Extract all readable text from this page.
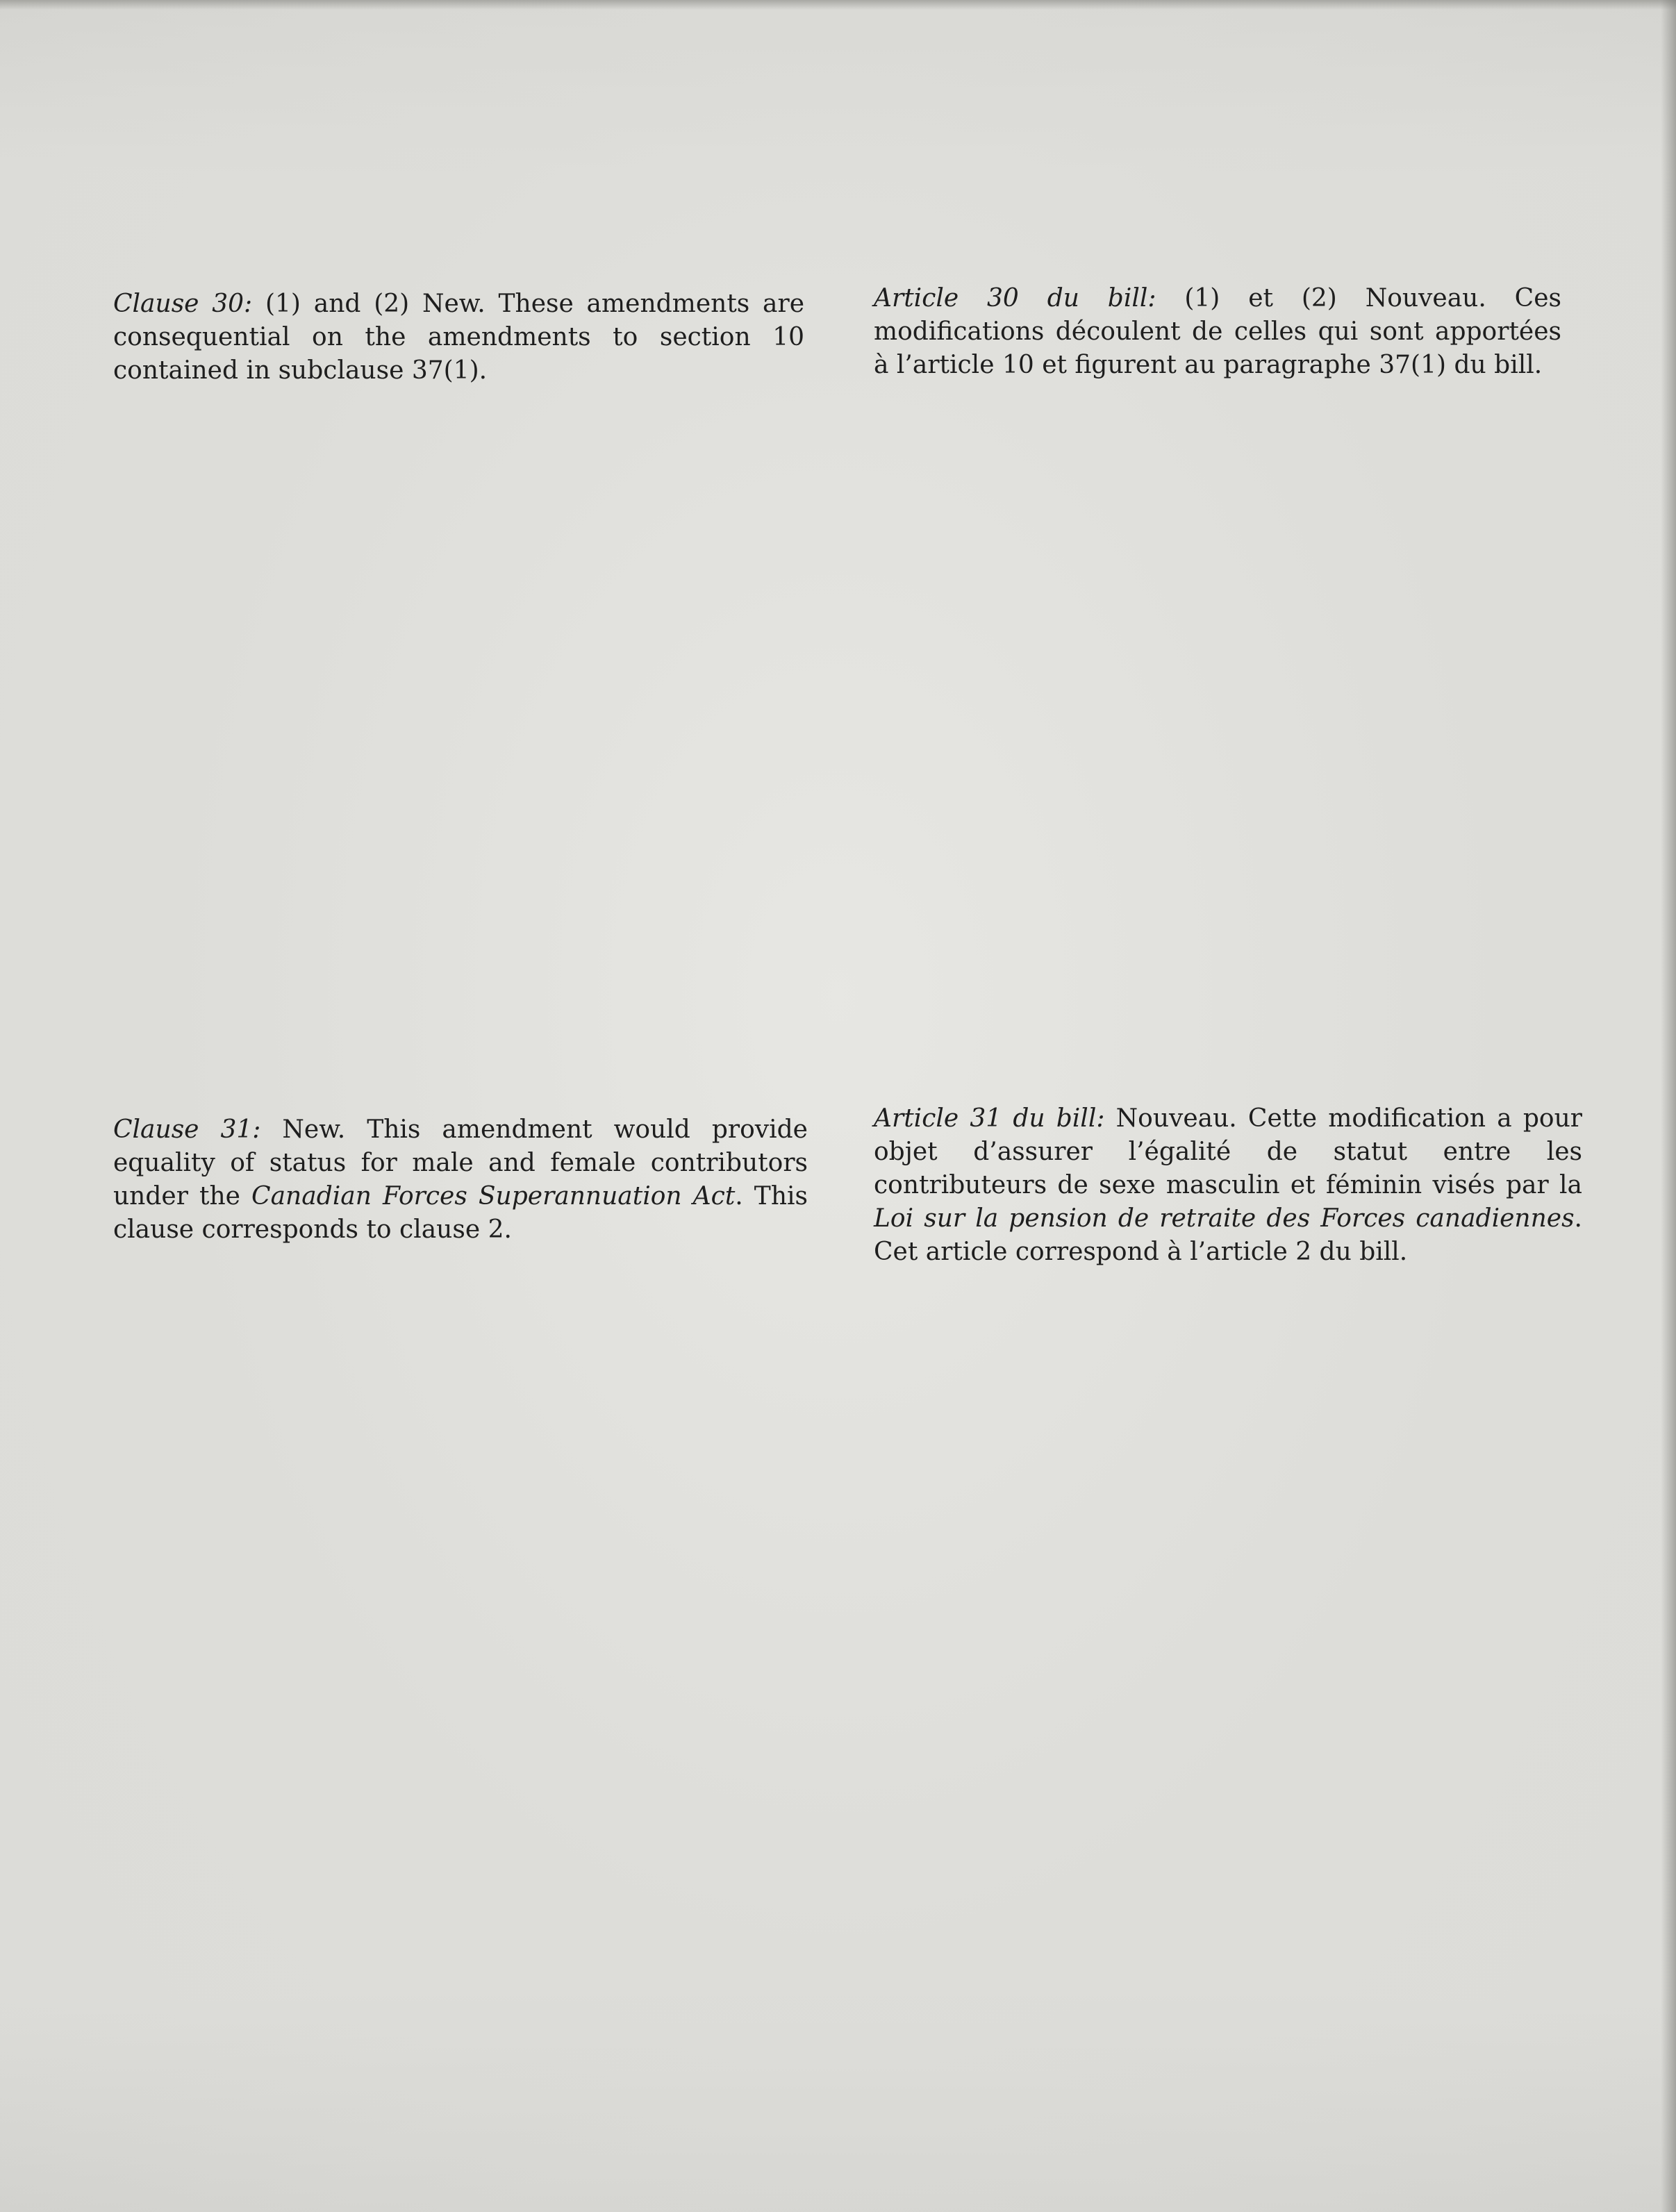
Clause 30: (1) and (2) New. These amendments are consequential on the amendments to section 10 contained in subclause 37(1).

Article 30 du bill: (1) et (2) Nouveau. Ces modifications découlent de celles qui sont apportées à l’article 10 et figurent au paragraphe 37(1) du bill.

Clause 31: New. This amendment would provide equality of status for male and female contributors under the Canadian Forces Superannuation Act. This clause corresponds to clause 2.

Article 31 du bill: Nouveau. Cette modification a pour objet d’assurer l’égalité de statut entre les contributeurs de sexe masculin et féminin visés par la Loi sur la pension de retraite des Forces canadiennes. Cet article correspond à l’article 2 du bill.
